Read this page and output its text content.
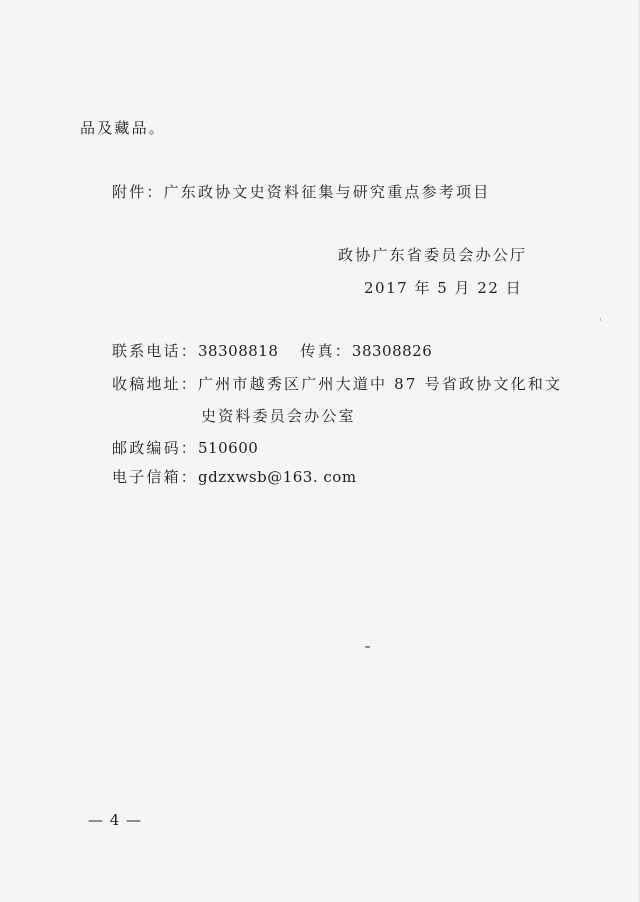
品及藏品。
附件：广东政协文史资料征集与研究重点参考项目
政协广东省委员会办公厅
2017 年 5 月 22 日
联系电话：38308818 传真：38308826
收稿地址：广州市越秀区广州大道中 87 号省政协文化和文
史资料委员会办公室
邮政编码：510600
电子信箱：gdzxwsb@163. com
— 4 —
